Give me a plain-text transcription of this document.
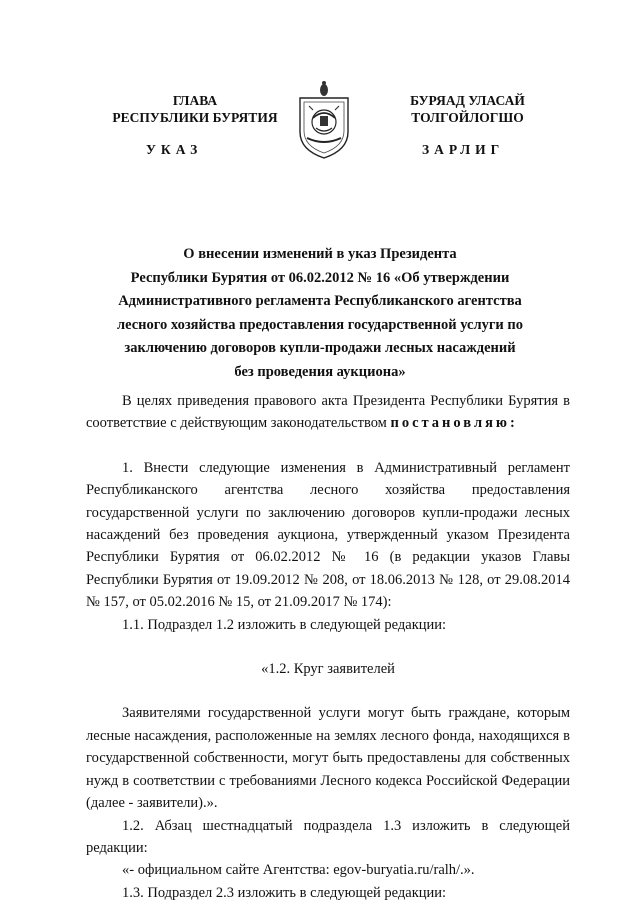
ГЛАВА
РЕСПУБЛИКИ БУРЯТИЯ
БУРЯАД УЛАСАЙ
ТОЛГОЙЛОГШО
УКАЗ	ЗАРЛИГ
О внесении изменений в указ Президента
Республики Бурятия от 06.02.2012 № 16 «Об утверждении
Административного регламента Республиканского агентства
лесного хозяйства предоставления государственной услуги по
заключению договоров купли-продажи лесных насаждений
без проведения аукциона»

В целях приведения правового акта Президента Республики Бурятия в соответствие с действующим законодательством постановляю:

1. Внести следующие изменения в Административный регламент Республиканского агентства лесного хозяйства предоставления государственной услуги по заключению договоров купли-продажи лесных насаждений без проведения аукциона, утвержденный указом Президента Республики Бурятия от 06.02.2012 № 16 (в редакции указов Главы Республики Бурятия от 19.09.2012 № 208, от 18.06.2013 № 128, от 29.08.2014 № 157, от 05.02.2016 № 15, от 21.09.2017 № 174):

1.1. Подраздел 1.2 изложить в следующей редакции:

«1.2. Круг заявителей

Заявителями государственной услуги могут быть граждане, которым лесные насаждения, расположенные на землях лесного фонда, находящихся в государственной собственности, могут быть предоставлены для собственных нужд в соответствии с требованиями Лесного кодекса Российской Федерации (далее - заявители).».

1.2. Абзац шестнадцатый подраздела 1.3 изложить в следующей редакции:

«- официальном сайте Агентства: egov-buryatia.ru/ralh/.».

1.3. Подраздел 2.3 изложить в следующей редакции:
